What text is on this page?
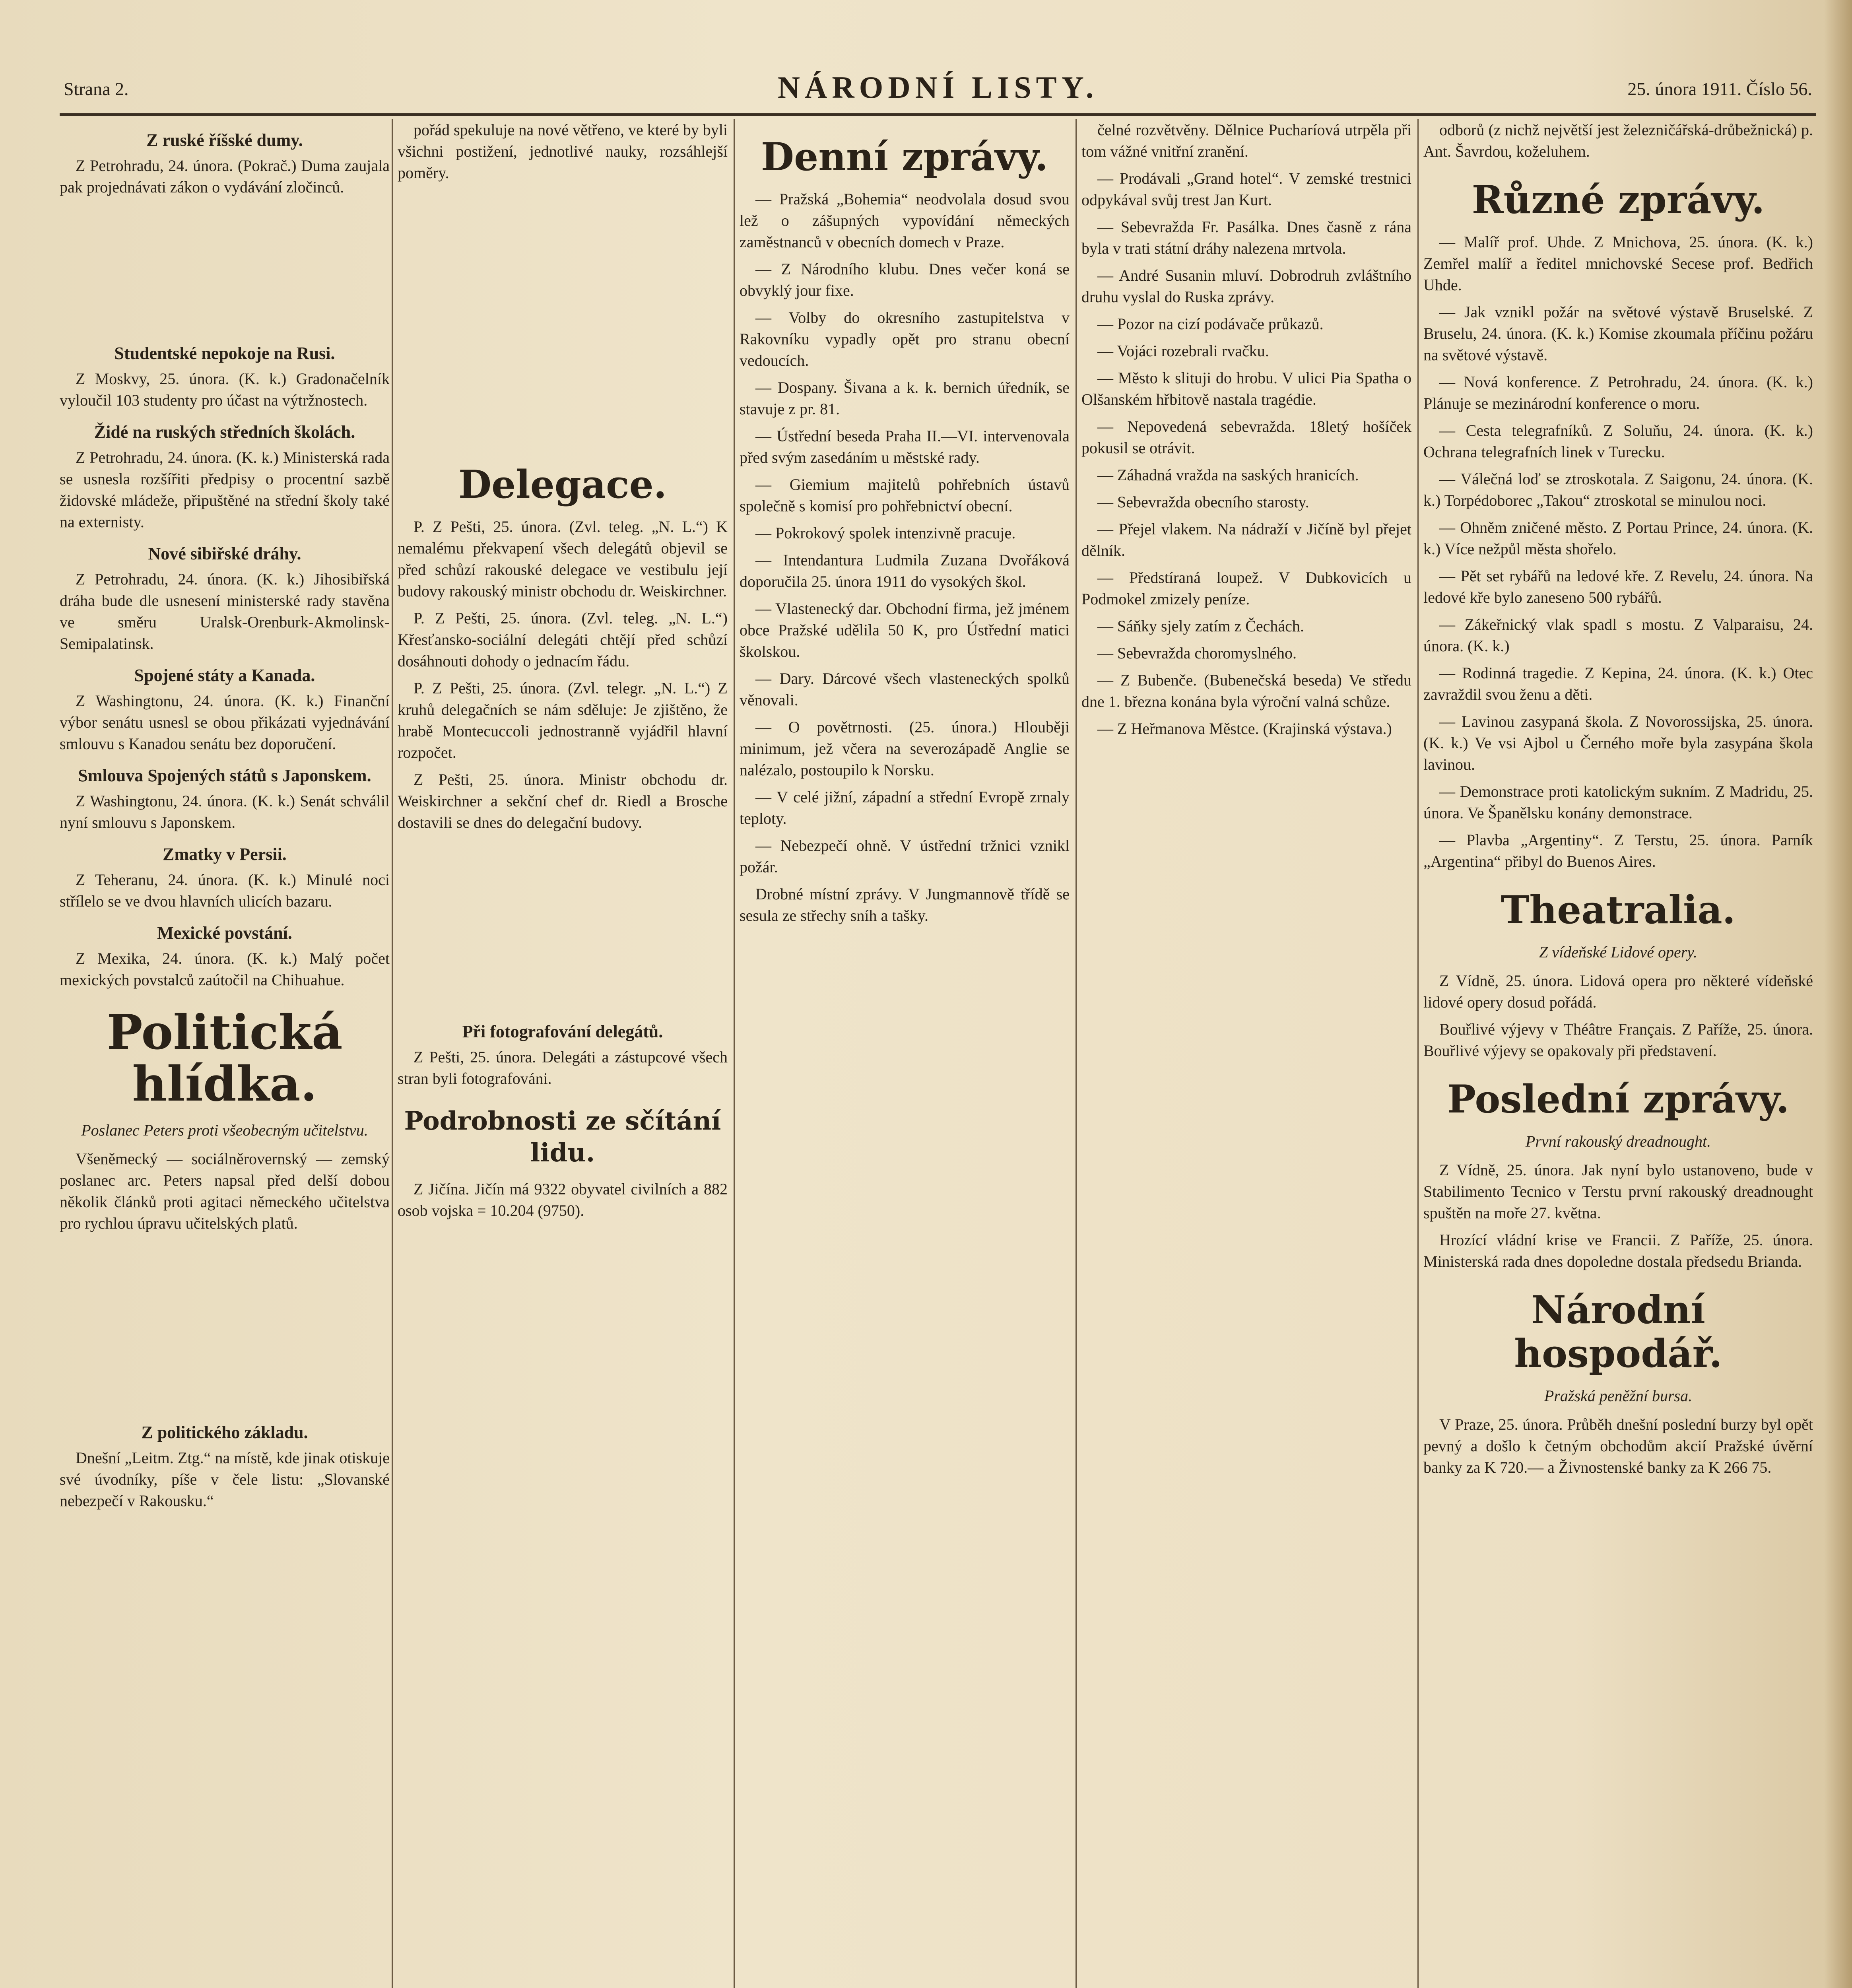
Strana 2.	NÁRODNÍ LISTY.	25. února 1911. Číslo 56.
Z ruské říšské dumy.

Z Petrohradu, 24. února. (Pokrač.) Duma zaujala pak projednávati zákon o vydávání zločinců.

Studentské nepokoje na Rusi.

Z Moskvy, 25. února. (K. k.) Gradonačelník vyloučil 103 studenty pro účast na výtržnostech.

Židé na ruských středních školách.

Z Petrohradu, 24. února. (K. k.) Ministerská rada se usnesla rozšířiti předpisy o procentní sazbě židovské mládeže, připuštěné na střední školy také na externisty.

Nové sibiřské dráhy.

Z Petrohradu, 24. února. (K. k.) Jihosibiřská dráha bude dle usnesení ministerské rady stavěna ve směru Uralsk-Orenburk-Akmolinsk-Semipalatinsk.

Spojené státy a Kanada.

Z Washingtonu, 24. února. (K. k.) Finanční výbor senátu usnesl se obou přikázati vyjednávání smlouvu s Kanadou senátu bez doporučení.

Smlouva Spojených států s Japonskem.

Z Washingtonu, 24. února. (K. k.) Senát schválil nyní smlouvu s Japonskem.

Zmatky v Persii.

Z Teheranu, 24. února. (K. k.) Minulé noci střílelo se ve dvou hlavních ulicích bazaru.

Mexické povstání.

Z Mexika, 24. února. (K. k.) Malý počet mexických povstalců zaútočil na Chihuahue.

Politická hlídka.
Poslanec Peters proti všeobecným učitelstvu.

Všeněmecký — sociálněrovernský — zemský poslanec arc. Peters napsal před delší dobou několik článků proti agitaci německého učitelstva pro rychlou úpravu učitelských platů.

Z politického základu.

Dnešní „Leitm. Ztg.“ na místě, kde jinak otiskuje své úvodníky, píše v čele listu: „Slovanské nebezpečí v Rakousku.“

pořád spekuluje na nové větřeno, ve které by byli všichni postižení, jednotlivé nauky, rozsáhlejší poměry.

Delegace.

P. Z Pešti, 25. února. (Zvl. teleg. „N. L.“) K nemalému překvapení všech delegátů objevil se před schůzí rakouské delegace ve vestibulu její budovy rakouský ministr obchodu dr. Weiskirchner.

P. Z Pešti, 25. února. (Zvl. teleg. „N. L.“) Křesťansko-sociální delegáti chtějí před schůzí dosáhnouti dohody o jednacím řádu.

P. Z Pešti, 25. února. (Zvl. telegr. „N. L.“) Z kruhů delegačních se nám sděluje: Je zjištěno, že hrabě Montecuccoli jednostranně vyjádřil hlavní rozpočet.

Z Pešti, 25. února. Ministr obchodu dr. Weiskirchner a sekční chef dr. Riedl a Brosche dostavili se dnes do delegační budovy.

Při fotografování delegátů.

Z Pešti, 25. února. Delegáti a zástupcové všech stran byli fotografováni.

Podrobnosti ze sčítání lidu.

Z Jičína. Jičín má 9322 obyvatel civilních a 882 osob vojska = 10.204 (9750).

Denní zprávy.

— Pražská „Bohemia“ neodvolala dosud svou lež o zášupných vypovídání německých zaměstnanců v obecních domech v Praze.

— Z Národního klubu. Dnes večer koná se obvyklý jour fixe.

— Volby do okresního zastupitelstva v Rakovníku vypadly opět pro stranu obecní vedoucích.

— Dospany. Šivana a k. k. bernich úředník, se stavuje z pr. 81.

— Ústřední beseda Praha II.—VI. intervenovala před svým zasedáním u městské rady.

— Giemium majitelů pohřebních ústavů společně s komisí pro pohřebnictví obecní.

— Pokrokový spolek intenzivně pracuje.

— Intendantura Ludmila Zuzana Dvořáková doporučila 25. února 1911 do vysokých škol.

— Vlastenecký dar. Obchodní firma, jež jménem obce Pražské udělila 50 K, pro Ústřední matici školskou.

— Dary. Dárcové všech vlasteneckých spolků věnovali.

— O povětrnosti. (25. února.) Hlouběji minimum, jež včera na severozápadě Anglie se nalézalo, postoupilo k Norsku.

— V celé jižní, západní a střední Evropě zrnaly teploty.

— Nebezpečí ohně. V ústřední tržnici vznikl požár.

Drobné místní zprávy. V Jungmannově třídě se sesula ze střechy sníh a tašky.

čelné rozvětvěny. Dělnice Pucharíová utrpěla při tom vážné vnitřní zranění.

— Prodávali „Grand hotel“. V zemské trestnici odpykával svůj trest Jan Kurt.

— Sebevražda Fr. Pasálka. Dnes časně z rána byla v trati státní dráhy nalezena mrtvola.

— André Susanin mluví. Dobrodruh zvláštního druhu vyslal do Ruska zprávy.

— Pozor na cizí podávače průkazů.

— Vojáci rozebrali rvačku.

— Město k slituji do hrobu. V ulici Pia Spatha o Olšanském hřbitově nastala tragédie.

— Nepovedená sebevražda. 18letý hošíček pokusil se otrávit.

— Záhadná vražda na saských hranicích.

— Sebevražda obecního starosty.

— Přejel vlakem. Na nádraží v Jičíně byl přejet dělník.

— Předstíraná loupež. V Dubkovicích u Podmokel zmizely peníze.

— Sáňky sjely zatím z Čechách.

— Sebevražda choromyslného.

— Z Bubenče. (Bubenečská beseda) Ve středu dne 1. března konána byla výroční valná schůze.

— Z Heřmanova Městce. (Krajinská výstava.)

odborů (z nichž největší jest železničářská-drůbežnická) p. Ant. Šavrdou, koželuhem.

Různé zprávy.

— Malíř prof. Uhde. Z Mnichova, 25. února. (K. k.) Zemřel malíř a ředitel mnichovské Secese prof. Bedřich Uhde.

— Jak vznikl požár na světové výstavě Bruselské. Z Bruselu, 24. února. (K. k.) Komise zkoumala příčinu požáru na světové výstavě.

— Nová konference. Z Petrohradu, 24. února. (K. k.) Plánuje se mezinárodní konference o moru.

— Cesta telegrafníků. Z Soluňu, 24. února. (K. k.) Ochrana telegrafních linek v Turecku.

— Válečná loď se ztroskotala. Z Saigonu, 24. února. (K. k.) Torpédoborec „Takou“ ztroskotal se minulou noci.

— Ohněm zničené město. Z Portau Prince, 24. února. (K. k.) Více nežpůl města shořelo.

— Pět set rybářů na ledové kře. Z Revelu, 24. února. Na ledové kře bylo zaneseno 500 rybářů.

— Zákeřnický vlak spadl s mostu. Z Valparaisu, 24. února. (K. k.)

— Rodinná tragedie. Z Kepina, 24. února. (K. k.) Otec zavraždil svou ženu a děti.

— Lavinou zasypaná škola. Z Novorossijska, 25. února. (K. k.) Ve vsi Ajbol u Černého moře byla zasypána škola lavinou.

— Demonstrace proti katolickým sukním. Z Madridu, 25. února. Ve Španělsku konány demonstrace.

— Plavba „Argentiny“. Z Terstu, 25. února. Parník „Argentina“ přibyl do Buenos Aires.

Theatralia.
Z vídeňské Lidové opery.

Z Vídně, 25. února. Lidová opera pro některé vídeňské lidové opery dosud pořádá.

Bouřlivé výjevy v Théâtre Français. Z Paříže, 25. února. Bouřlivé výjevy se opakovaly při představení.

Poslední zprávy.
První rakouský dreadnought.

Z Vídně, 25. února. Jak nyní bylo ustanoveno, bude v Stabilimento Tecnico v Terstu první rakouský dreadnought spuštěn na moře 27. května.

Hrozící vládní krise ve Francii. Z Paříže, 25. února. Ministerská rada dnes dopoledne dostala předsedu Brianda.

Národní hospodář.
Pražská peněžní bursa.

V Praze, 25. února. Průběh dnešní poslední burzy byl opět pevný a došlo k četným obchodům akcií Pražské úvěrní banky za K 720.— a Živnostenské banky za K 266 75.
